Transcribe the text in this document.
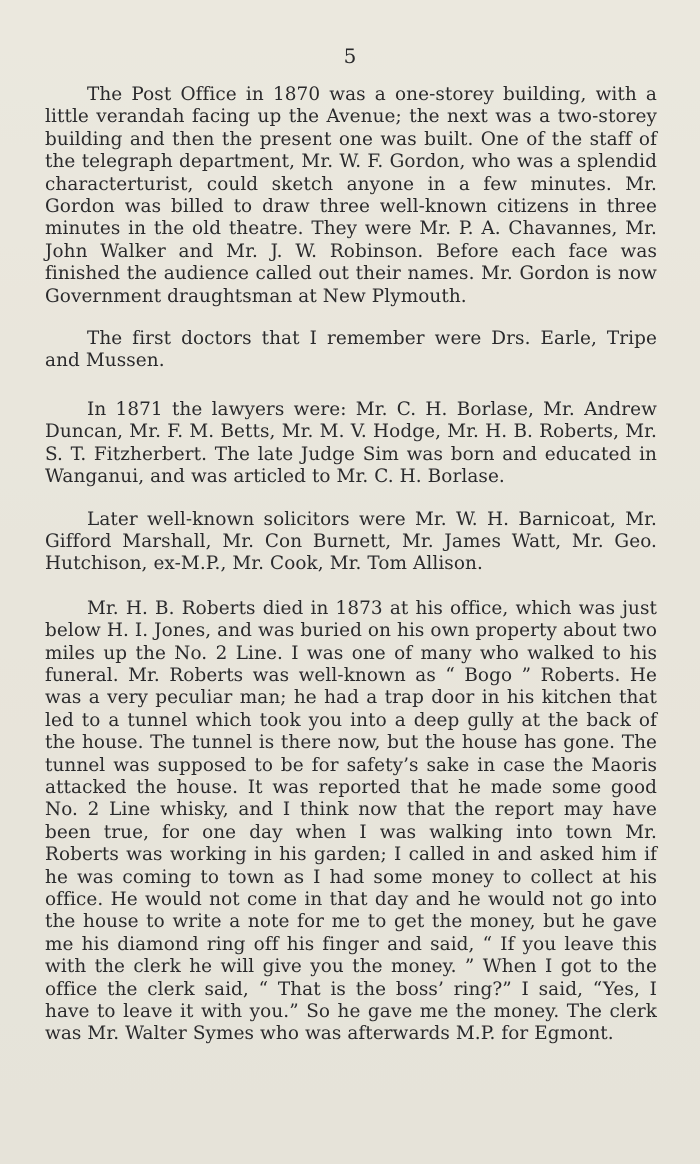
5

The Post Office in 1870 was a one-storey building, with a little verandah facing up the Avenue; the next was a two-storey building and then the present one was built. One of the staff of the telegraph department, Mr. W. F. Gordon, who was a splendid characterturist, could sketch anyone in a few minutes. Mr. Gordon was billed to draw three well-known citizens in three minutes in the old theatre. They were Mr. P. A. Chavannes, Mr. John Walker and Mr. J. W. Robinson. Before each face was finished the audience called out their names. Mr. Gordon is now Government draughtsman at New Plymouth.

The first doctors that I remember were Drs. Earle, Tripe and Mussen.

In 1871 the lawyers were: Mr. C. H. Borlase, Mr. Andrew Duncan, Mr. F. M. Betts, Mr. M. V. Hodge, Mr. H. B. Roberts, Mr. S. T. Fitzherbert. The late Judge Sim was born and educated in Wanganui, and was articled to Mr. C. H. Borlase.

Later well-known solicitors were Mr. W. H. Barnicoat, Mr. Gifford Marshall, Mr. Con Burnett, Mr. James Watt, Mr. Geo. Hutchison, ex-M.P., Mr. Cook, Mr. Tom Allison.

Mr. H. B. Roberts died in 1873 at his office, which was just below H. I. Jones, and was buried on his own property about two miles up the No. 2 Line. I was one of many who walked to his funeral. Mr. Roberts was well-known as “ Bogo ” Roberts. He was a very peculiar man; he had a trap door in his kitchen that led to a tunnel which took you into a deep gully at the back of the house. The tunnel is there now, but the house has gone. The tunnel was supposed to be for safety’s sake in case the Maoris attacked the house. It was reported that he made some good No. 2 Line whisky, and I think now that the report may have been true, for one day when I was walking into town Mr. Roberts was working in his garden; I called in and asked him if he was coming to town as I had some money to collect at his office. He would not come in that day and he would not go into the house to write a note for me to get the money, but he gave me his diamond ring off his finger and said, “ If you leave this with the clerk he will give you the money. ” When I got to the office the clerk said, “ That is the boss’ ring?” I said, “Yes, I have to leave it with you.” So he gave me the money. The clerk was Mr. Walter Symes who was afterwards M.P. for Egmont.
